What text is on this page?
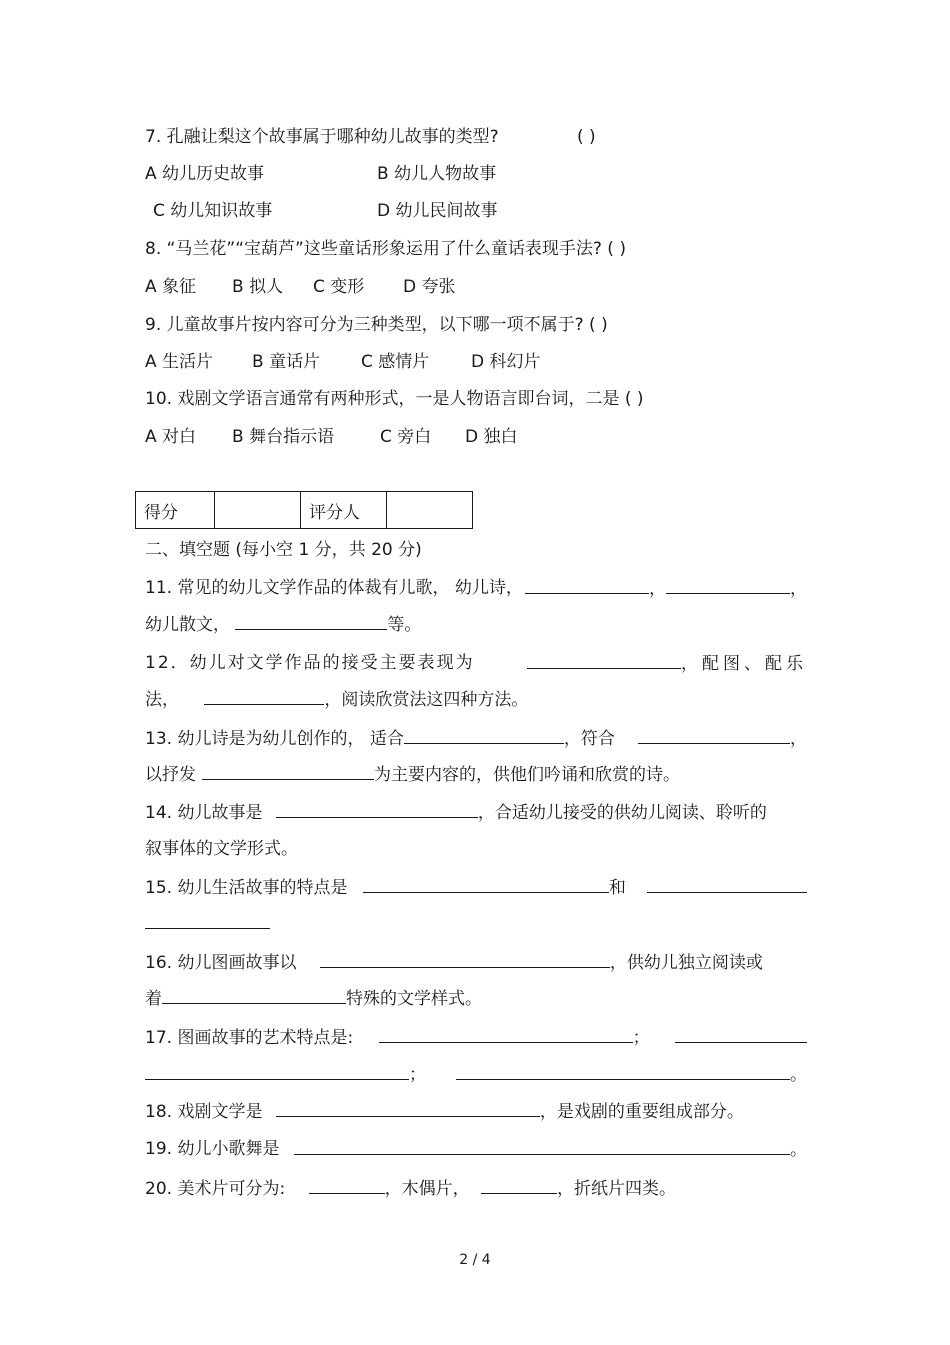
7. 孔融让梨这个故事属于哪种幼儿故事的类型?	( )
A 幼儿历史故事	B 幼儿人物故事
C 幼儿知识故事	D 幼儿民间故事
8. “马兰花”“宝葫芦”这些童话形象运用了什么童话表现手法? ( )
A 象征 B 拟人 C 变形 D 夸张
9. 儿童故事片按内容可分为三种类型，以下哪一项不属于? ( )
A 生活片 B 童话片 C 感情片 D 科幻片
10. 戏剧文学语言通常有两种形式，一是人物语言即台词，二是 ( )
A 对白 B 舞台指示语	C 旁白 D 独白
得分		评分人	
二、填空题 (每小空 1 分，共 20 分)
11. 常见的幼儿文学作品的体裁有儿歌， 幼儿诗，	，	，
幼儿散文，	等。
12．幼儿对文学作品的接受主要表现为	，配图、配乐
法，	，阅读欣赏法这四种方法。
13. 幼儿诗是为幼儿创作的， 适合	，符合	，
以抒发	为主要内容的，供他们吟诵和欣赏的诗。
14. 幼儿故事是	，合适幼儿接受的供幼儿阅读、聆听的
叙事体的文学形式。
15. 幼儿生活故事的特点是	和
16. 幼儿图画故事以	，供幼儿独立阅读或
着	特殊的文学样式。
17. 图画故事的艺术特点是:	；
；	。
18. 戏剧文学是	，是戏剧的重要组成部分。
19. 幼儿小歌舞是	。
20. 美术片可分为:	，木偶片，	，折纸片四类。
2 / 4
